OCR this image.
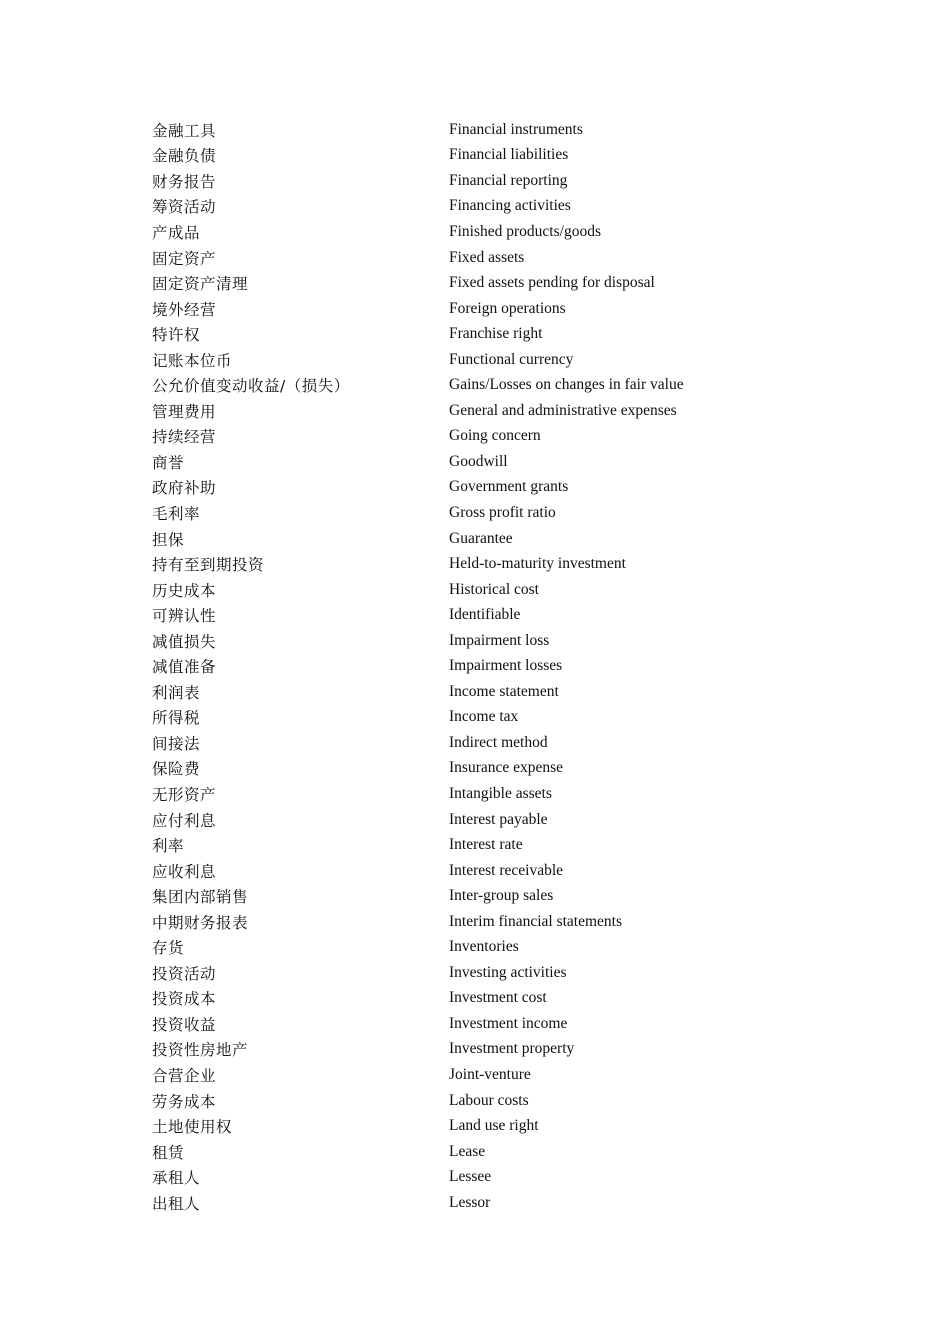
金融工具	Financial instruments
金融负债	Financial liabilities
财务报告	Financial reporting
筹资活动	Financing activities
产成品	Finished products/goods
固定资产	Fixed assets
固定资产清理	Fixed assets pending for disposal
境外经营	Foreign operations
特许权	Franchise right
记账本位币	Functional currency
公允价值变动收益/（损失）	Gains/Losses on changes in fair value
管理费用	General and administrative expenses
持续经营	Going concern
商誉	Goodwill
政府补助	Government grants
毛利率	Gross profit ratio
担保	Guarantee
持有至到期投资	Held-to-maturity investment
历史成本	Historical cost
可辨认性	Identifiable
减值损失	Impairment loss
减值准备	Impairment losses
利润表	Income statement
所得税	Income tax
间接法	Indirect method
保险费	Insurance expense
无形资产	Intangible assets
应付利息	Interest payable
利率	Interest rate
应收利息	Interest receivable
集团内部销售	Inter-group sales
中期财务报表	Interim financial statements
存货	Inventories
投资活动	Investing activities
投资成本	Investment cost
投资收益	Investment income
投资性房地产	Investment property
合营企业	Joint-venture
劳务成本	Labour costs
土地使用权	Land use right
租赁	Lease
承租人	Lessee
出租人	Lessor
